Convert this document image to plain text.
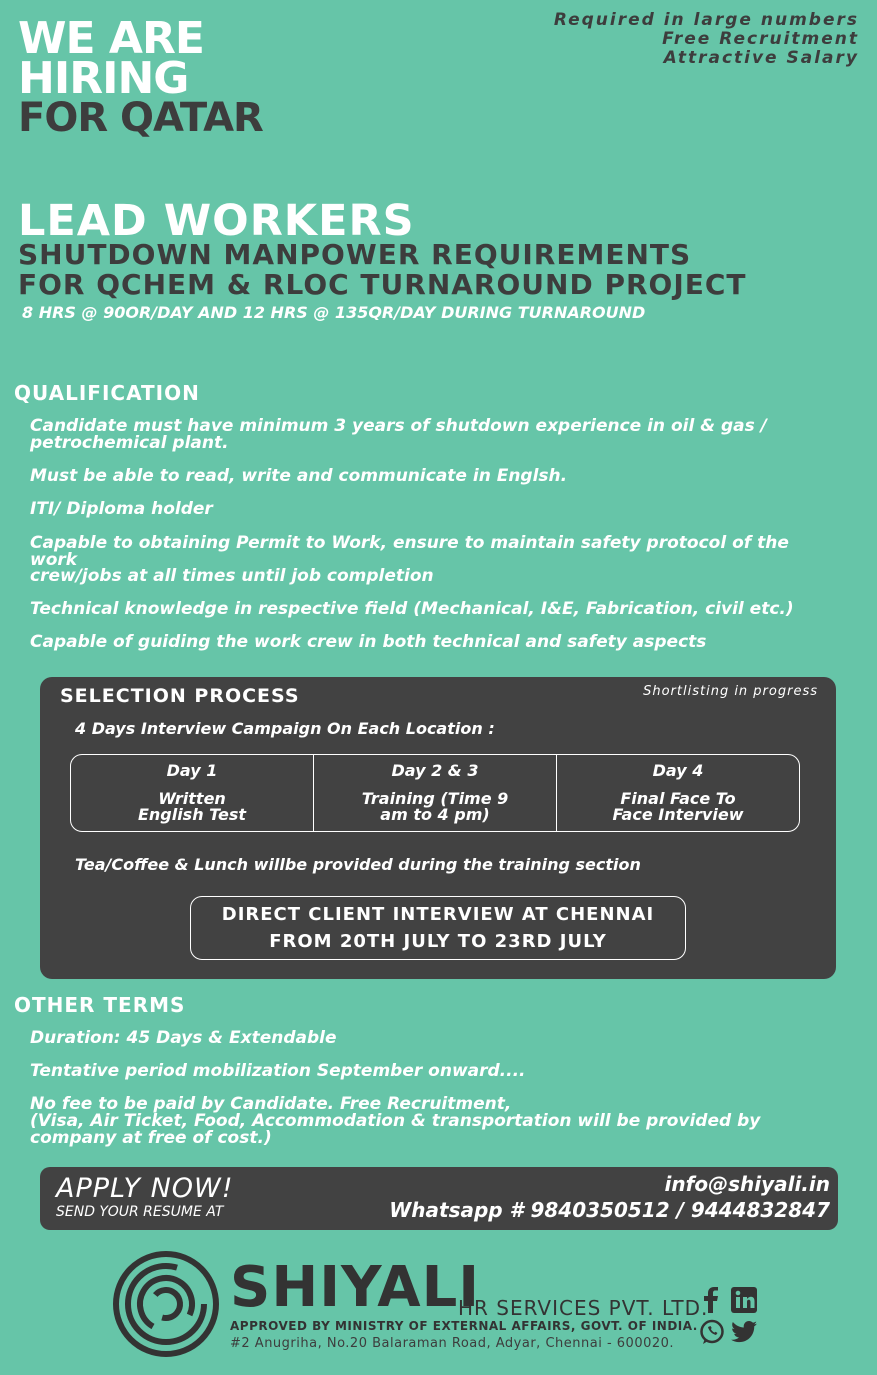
WE ARE
HIRING
FOR QATAR
Required in large numbers
Free Recruitment
Attractive Salary
LEAD WORKERS
SHUTDOWN MANPOWER REQUIREMENTS
FOR QCHEM & RLOC TURNAROUND PROJECT
8 HRS @ 90OR/DAY AND 12 HRS @ 135QR/DAY DURING TURNAROUND
QUALIFICATION
Candidate must have minimum 3 years of shutdown experience in oil & gas /
petrochemical plant.
Must be able to read, write and communicate in Englsh.
ITI/ Diploma holder
Capable to obtaining Permit to Work, ensure to maintain safety protocol of the
work
crew/jobs at all times until job completion
Technical knowledge in respective field (Mechanical, I&E, Fabrication, civil etc.)
Capable of guiding the work crew in both technical and safety aspects
SELECTION PROCESS	Shortlisting in progress
4 Days Interview Campaign On Each Location :
Day 1
Written
English Test
Day 2 & 3
Training (Time 9
am to 4 pm)
Day 4
Final Face To
Face Interview
Tea/Coffee & Lunch willbe provided during the training section
DIRECT CLIENT INTERVIEW AT CHENNAI
FROM 20TH JULY TO 23RD JULY
OTHER TERMS
Duration: 45 Days & Extendable
Tentative period mobilization September onward....
No fee to be paid by Candidate. Free Recruitment,
(Visa, Air Ticket, Food, Accommodation & transportation will be provided by
company at free of cost.)
APPLY NOW!
SEND YOUR RESUME AT
info@shiyali.in
Whatsapp # 9840350512 / 9444832847
SHIYALI
HR SERVICES PVT. LTD.
APPROVED BY MINISTRY OF EXTERNAL AFFAIRS, GOVT. OF INDIA.
#2 Anugriha, No.20 Balaraman Road, Adyar, Chennai - 600020.
